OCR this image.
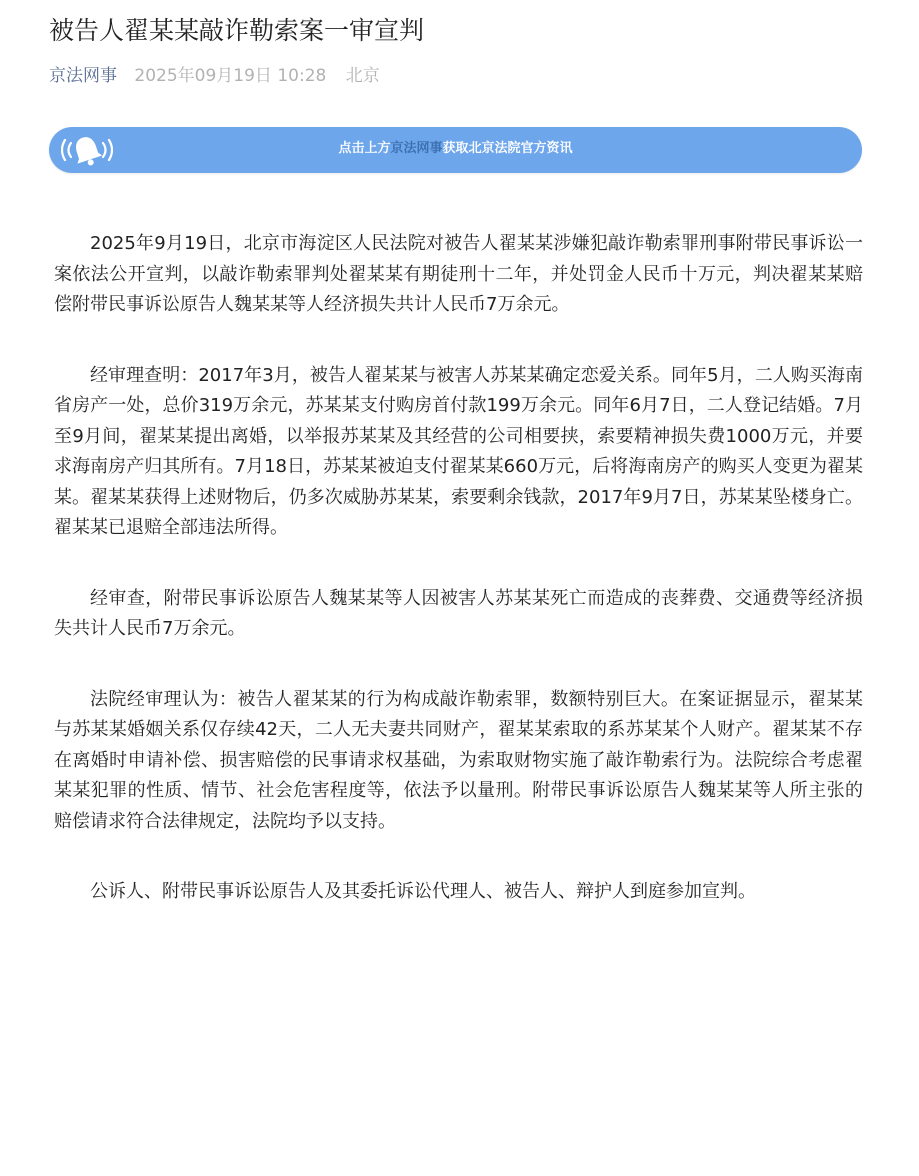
被告人翟某某敲诈勒索案一审宣判
京法网事 2025年09月19日 10:28 北京
点击上方京法网事获取北京法院官方资讯

2025年9月19日，北京市海淀区人民法院对被告人翟某某涉嫌犯敲诈勒索罪刑事附带民事诉讼一案依法公开宣判，以敲诈勒索罪判处翟某某有期徒刑十二年，并处罚金人民币十万元，判决翟某某赔偿附带民事诉讼原告人魏某某等人经济损失共计人民币7万余元。

经审理查明：2017年3月，被告人翟某某与被害人苏某某确定恋爱关系。同年5月，二人购买海南省房产一处，总价319万余元，苏某某支付购房首付款199万余元。同年6月7日，二人登记结婚。7月至9月间，翟某某提出离婚，以举报苏某某及其经营的公司相要挟，索要精神损失费1000万元，并要求海南房产归其所有。7月18日，苏某某被迫支付翟某某660万元，后将海南房产的购买人变更为翟某某。翟某某获得上述财物后，仍多次威胁苏某某，索要剩余钱款，2017年9月7日，苏某某坠楼身亡。翟某某已退赔全部违法所得。

经审查，附带民事诉讼原告人魏某某等人因被害人苏某某死亡而造成的丧葬费、交通费等经济损失共计人民币7万余元。

法院经审理认为：被告人翟某某的行为构成敲诈勒索罪，数额特别巨大。在案证据显示，翟某某与苏某某婚姻关系仅存续42天，二人无夫妻共同财产，翟某某索取的系苏某某个人财产。翟某某不存在离婚时申请补偿、损害赔偿的民事请求权基础，为索取财物实施了敲诈勒索行为。法院综合考虑翟某某犯罪的性质、情节、社会危害程度等，依法予以量刑。附带民事诉讼原告人魏某某等人所主张的赔偿请求符合法律规定，法院均予以支持。

公诉人、附带民事诉讼原告人及其委托诉讼代理人、被告人、辩护人到庭参加宣判。
